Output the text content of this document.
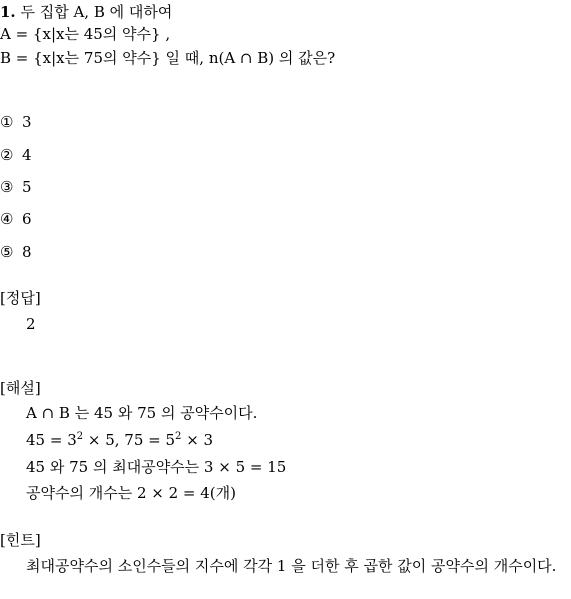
1. 두 집합 A, B 에 대하여
A = {x|x는 45의 약수} ,
B = {x|x는 75의 약수} 일 때, n(A ∩ B) 의 값은?
① 3
② 4
③ 5
④ 6
⑤ 8
[정답]
2
[해설]
A ∩ B 는 45 와 75 의 공약수이다.
$45 = 3^2 \times 5$, $75 = 5^2 \times 3$
45 와 75 의 최대공약수는 3 × 5 = 15
공약수의 개수는 2 × 2 = 4(개)
[힌트]
최대공약수의 소인수들의 지수에 각각 1 을 더한 후 곱한 값이 공약수의 개수이다.
